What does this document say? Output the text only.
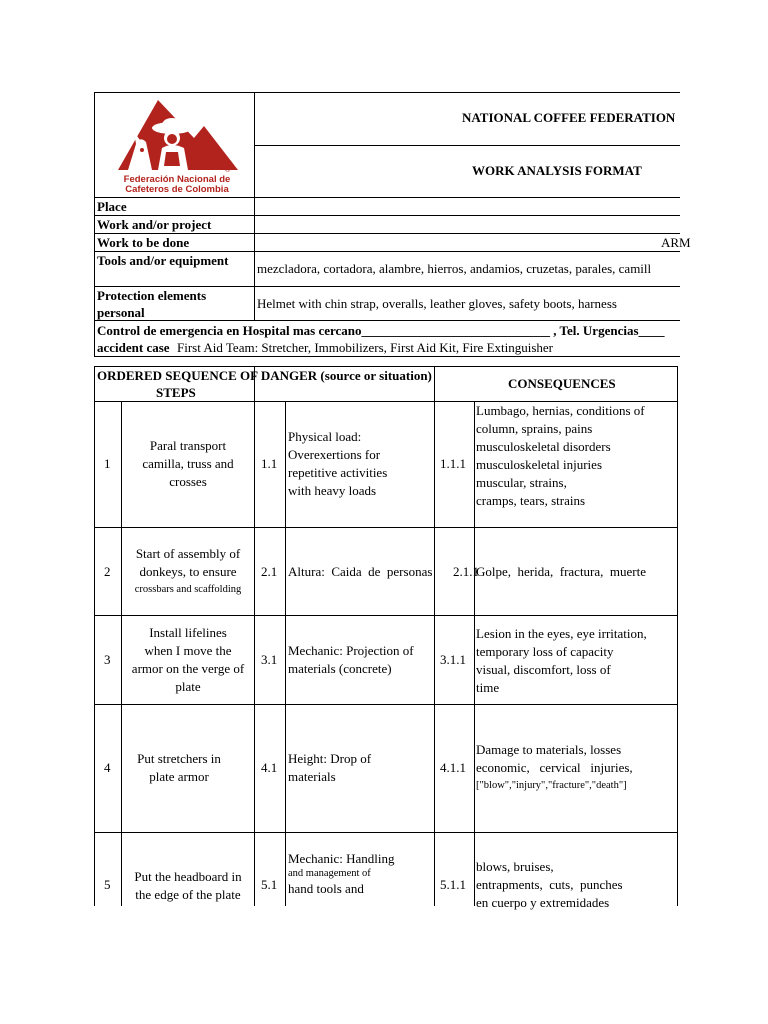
®
Federación Nacional de
Cafeteros de Colombia
NATIONAL COFFEE FEDERATION
WORK ANALYSIS FORMAT
Place
Work and/or project
Work to be done	ARM
Tools and/or equipment
mezcladora, cortadora, alambre, hierros, andamios, cruzetas, parales, camill
Protection elements
personal
Helmet with chin strap, overalls, leather gloves, safety boots, harness
Control de emergencia en Hospital mas cercano_____________________________ , Tel. Urgencias____
accident case First Aid Team: Stretcher, Immobilizers, First Aid Kit, Fire Extinguisher
ORDERED SEQUENCE OF DANGER (source or situation)
STEPS
CONSEQUENCES
1
Paral transport
camilla, truss and
crosses
1.1
Physical load:
Overexertions for
repetitive activities
with heavy loads
1.1.1
Lumbago, hernias, conditions of
column, sprains, pains
musculoskeletal disorders
musculoskeletal injuries
muscular, strains,
cramps, tears, strains
2
Start of assembly of
donkeys, to ensure
crossbars and scaffolding
2.1 Altura:  Caida  de  personas 2.1.1
Golpe,  herida,  fractura,  muerte
3
Install lifelines
when I move the
armor on the verge of
plate
3.1
Mechanic: Projection of
materials (concrete)
3.1.1
Lesion in the eyes, eye irritation,
temporary loss of capacity
visual, discomfort, loss of
time
4
Put stretchers in
plate armor
4.1
Height: Drop of
materials
4.1.1
Damage to materials, losses
economic,   cervical   injuries,
["blow","injury","fracture","death"]
5
Put the headboard in
the edge of the plate
5.1
Mechanic: Handling
and management of
hand tools and	5.1.1
blows, bruises,
entrapments,  cuts,  punches
en cuerpo y extremidades
